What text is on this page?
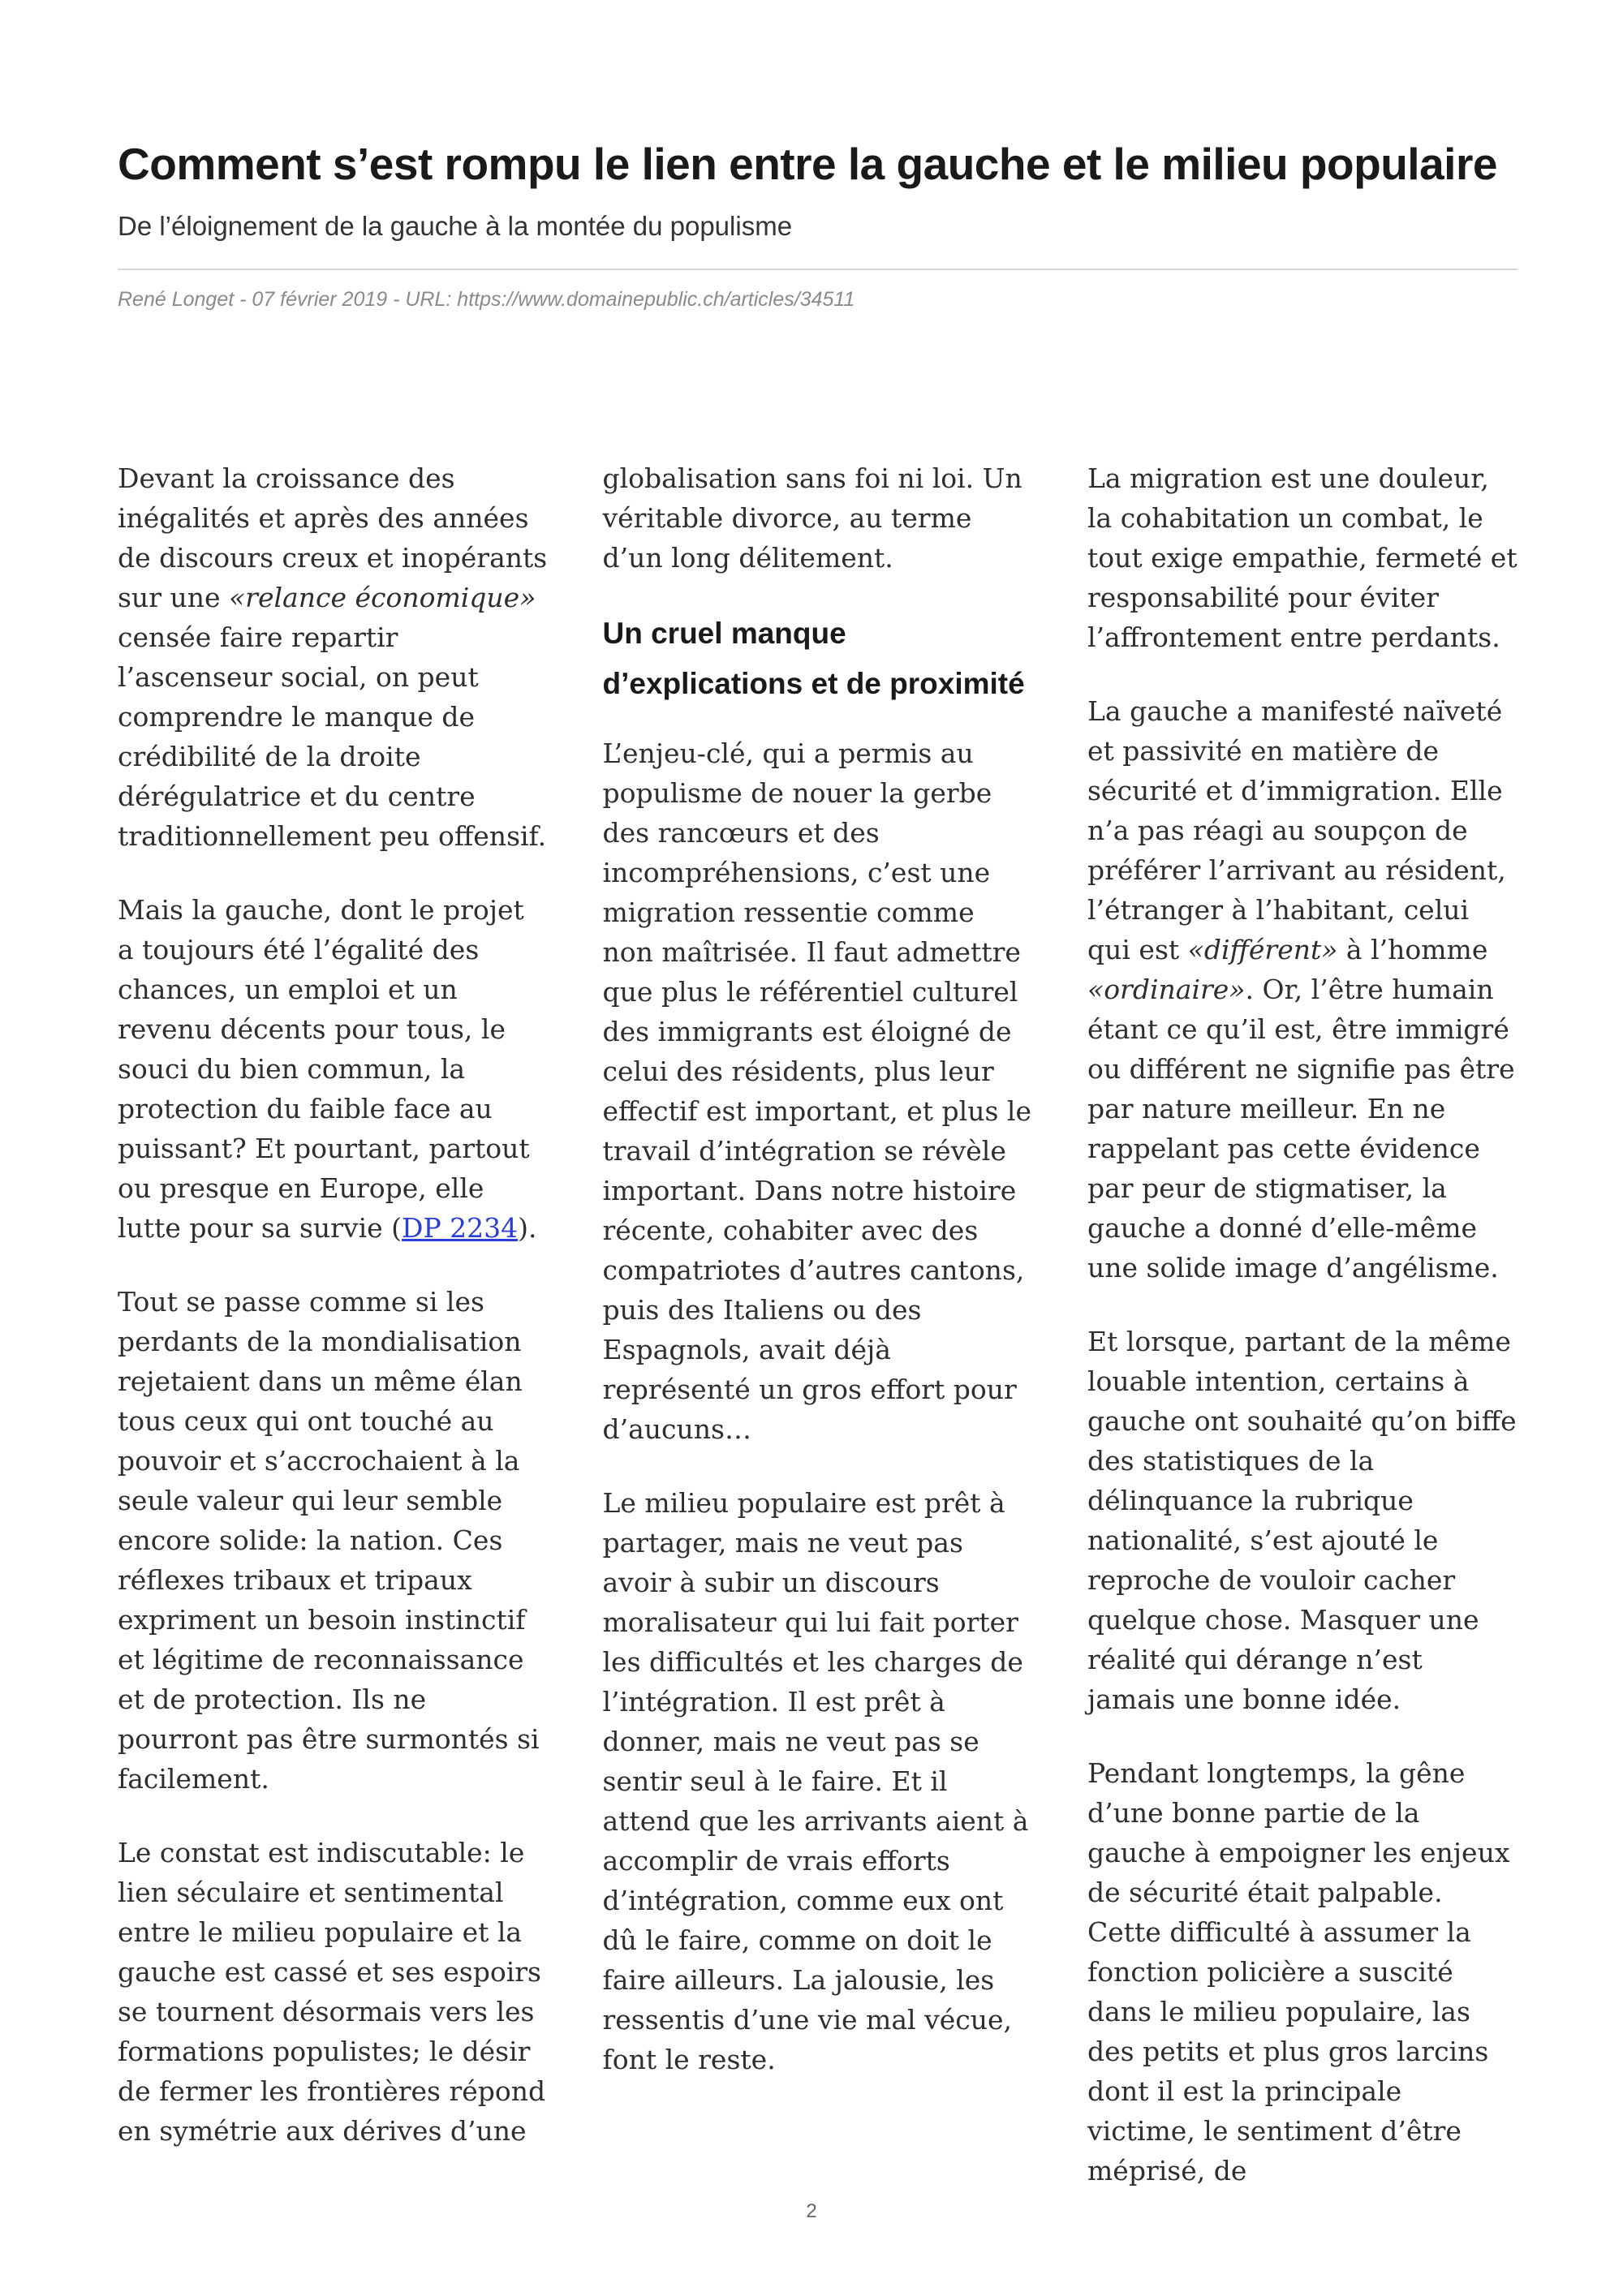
Comment s’est rompu le lien entre la gauche et le milieu populaire
De l’éloignement de la gauche à la montée du populisme
René Longet - 07 février 2019 - URL: https://www.domainepublic.ch/articles/34511

Devant la croissance des inégalités et après des années de discours creux et inopérants sur une «relance économique» censée faire repartir l’ascenseur social, on peut comprendre le manque de crédibilité de la droite dérégulatrice et du centre traditionnellement peu offensif.

Mais la gauche, dont le projet a toujours été l’égalité des chances, un emploi et un revenu décents pour tous, le souci du bien commun, la protection du faible face au puissant? Et pourtant, partout ou presque en Europe, elle lutte pour sa survie (DP 2234).

Tout se passe comme si les perdants de la mondialisation rejetaient dans un même élan tous ceux qui ont touché au pouvoir et s’accrochaient à la seule valeur qui leur semble encore solide: la nation. Ces réflexes tribaux et tripaux expriment un besoin instinctif et légitime de reconnaissance et de protection. Ils ne pourront pas être surmontés si facilement.

Le constat est indiscutable: le lien séculaire et sentimental entre le milieu populaire et la gauche est cassé et ses espoirs se tournent désormais vers les formations populistes; le désir de fermer les frontières répond en symétrie aux dérives d’une

globalisation sans foi ni loi. Un véritable divorce, au terme d’un long délitement.

Un cruel manque d’explications et de proximité

L’enjeu-clé, qui a permis au populisme de nouer la gerbe des rancœurs et des incompréhensions, c’est une migration ressentie comme non maîtrisée. Il faut admettre que plus le référentiel culturel des immigrants est éloigné de celui des résidents, plus leur effectif est important, et plus le travail d’intégration se révèle important. Dans notre histoire récente, cohabiter avec des compatriotes d’autres cantons, puis des Italiens ou des Espagnols, avait déjà représenté un gros effort pour d’aucuns…

Le milieu populaire est prêt à partager, mais ne veut pas avoir à subir un discours moralisateur qui lui fait porter les difficultés et les charges de l’intégration. Il est prêt à donner, mais ne veut pas se sentir seul à le faire. Et il attend que les arrivants aient à accomplir de vrais efforts d’intégration, comme eux ont dû le faire, comme on doit le faire ailleurs. La jalousie, les ressentis d’une vie mal vécue, font le reste.

La migration est une douleur, la cohabitation un combat, le tout exige empathie, fermeté et responsabilité pour éviter l’affrontement entre perdants.

La gauche a manifesté naïveté et passivité en matière de sécurité et d’immigration. Elle n’a pas réagi au soupçon de préférer l’arrivant au résident, l’étranger à l’habitant, celui qui est «différent» à l’homme «ordinaire». Or, l’être humain étant ce qu’il est, être immigré ou différent ne signifie pas être par nature meilleur. En ne rappelant pas cette évidence par peur de stigmatiser, la gauche a donné d’elle-même une solide image d’angélisme.

Et lorsque, partant de la même louable intention, certains à gauche ont souhaité qu’on biffe des statistiques de la délinquance la rubrique nationalité, s’est ajouté le reproche de vouloir cacher quelque chose. Masquer une réalité qui dérange n’est jamais une bonne idée.

Pendant longtemps, la gêne d’une bonne partie de la gauche à empoigner les enjeux de sécurité était palpable. Cette difficulté à assumer la fonction policière a suscité dans le milieu populaire, las des petits et plus gros larcins dont il est la principale victime, le sentiment d’être méprisé, de

2
